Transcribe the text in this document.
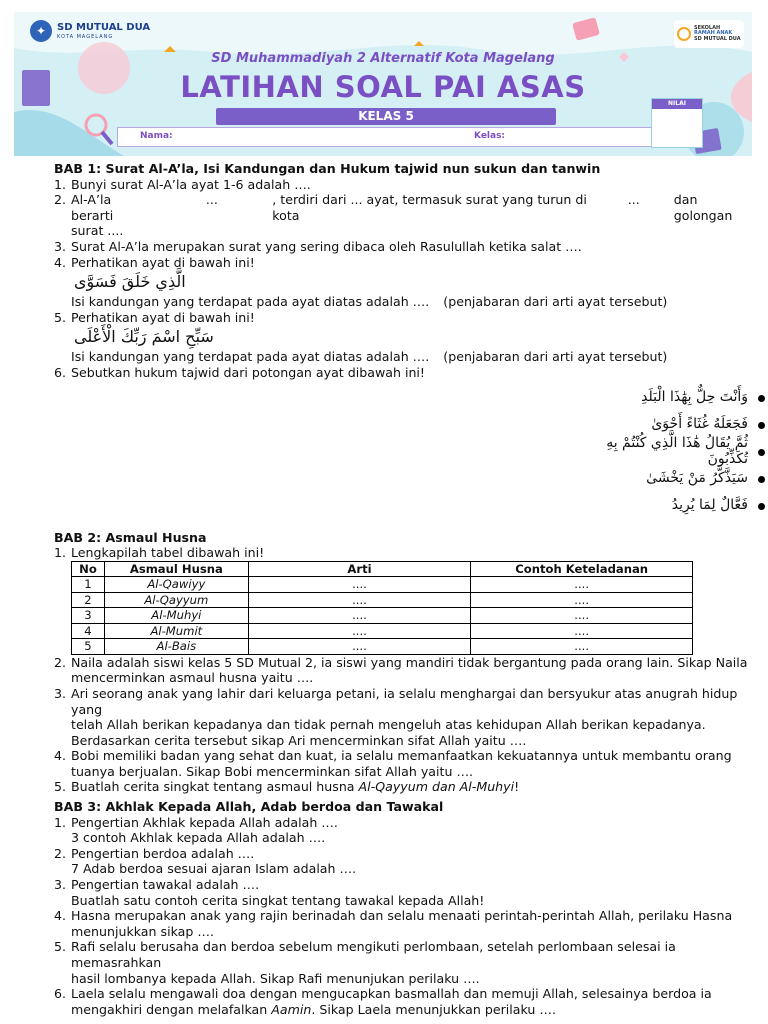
✦	SD MUTUAL DUA
KOTA MAGELANG
SEKOLAH
RAMAH ANAK
SD MUTUAL DUA
SD Muhammadiyah 2 Alternatif Kota Magelang
LATIHAN SOAL PAI ASAS
KELAS 5
Nama:	Kelas:
NILAI
BAB 1: Surat Al-A’la, Isi Kandungan dan Hukum tajwid nun sukun dan tanwin
1. Bunyi surat Al-A’la ayat 1-6 adalah ….
2. Al-A’la berarti
...	, terdiri dari ... ayat, termasuk surat yang turun di kota
...	dan golongan
surat ....
3. Surat Al-A’la merupakan surat yang sering dibaca oleh Rasulullah ketika salat ….
4. Perhatikan ayat di bawah ini!
الَّذِي خَلَقَ فَسَوَّى
Isi kandungan yang terdapat pada ayat diatas adalah …. (penjabaran dari arti ayat tersebut)
5. Perhatikan ayat di bawah ini!
سَبِّحِ اسْمَ رَبِّكَ الْأَعْلَى
Isi kandungan yang terdapat pada ayat diatas adalah …. (penjabaran dari arti ayat tersebut)
6. Sebutkan hukum tajwid dari potongan ayat dibawah ini!
وَأَنْتَ حِلٌّ بِهَٰذَا الْبَلَدِ
فَجَعَلَهُ غُثَاءً أَحْوَىٰ
ثُمَّ يُقَالُ هَٰذَا الَّذِي كُنْتُمْ بِهِ تُكَذِّبُونَ
سَيَذَّكَّرُ مَنْ يَخْشَىٰ
فَعَّالٌ لِمَا يُرِيدُ
BAB 2: Asmaul Husna
1. Lengkapilah tabel dibawah ini!
No	Asmaul Husna	Arti	Contoh Keteladanan
1	Al-Qawiyy	....	....
2	Al-Qayyum	....	....
3	Al-Muhyi	....	....
4	Al-Mumit	....	....
5	Al-Bais	....	....
2. Naila adalah siswi kelas 5 SD Mutual 2, ia siswi yang mandiri tidak bergantung pada orang lain. Sikap Naila
mencerminkan asmaul husna yaitu ….
3. Ari seorang anak yang lahir dari keluarga petani, ia selalu menghargai dan bersyukur atas anugrah hidup yang
telah Allah berikan kepadanya dan tidak pernah mengeluh atas kehidupan Allah berikan kepadanya.
Berdasarkan cerita tersebut sikap Ari mencerminkan sifat Allah yaitu ….
4. Bobi memiliki badan yang sehat dan kuat, ia selalu memanfaatkan kekuatannya untuk membantu orang
tuanya berjualan. Sikap Bobi mencerminkan sifat Allah yaitu ….
5. Buatlah cerita singkat tentang asmaul husna Al-Qayyum dan Al-Muhyi!
BAB 3: Akhlak Kepada Allah, Adab berdoa dan Tawakal
1. Pengertian Akhlak kepada Allah adalah ….
3 contoh Akhlak kepada Allah adalah ….
2. Pengertian berdoa adalah ….
7 Adab berdoa sesuai ajaran Islam adalah ….
3. Pengertian tawakal adalah ….
Buatlah satu contoh cerita singkat tentang tawakal kepada Allah!
4. Hasna merupakan anak yang rajin berinadah dan selalu menaati perintah-perintah Allah, perilaku Hasna
menunjukkan sikap ….
5. Rafi selalu berusaha dan berdoa sebelum mengikuti perlombaan, setelah perlombaan selesai ia memasrahkan
hasil lombanya kepada Allah. Sikap Rafi menunjukan perilaku ….
6. Laela selalu mengawali doa dengan mengucapkan basmallah dan memuji Allah, selesainya berdoa ia
mengakhiri dengan melafalkan Aamin. Sikap Laela menunjukkan perilaku ….
